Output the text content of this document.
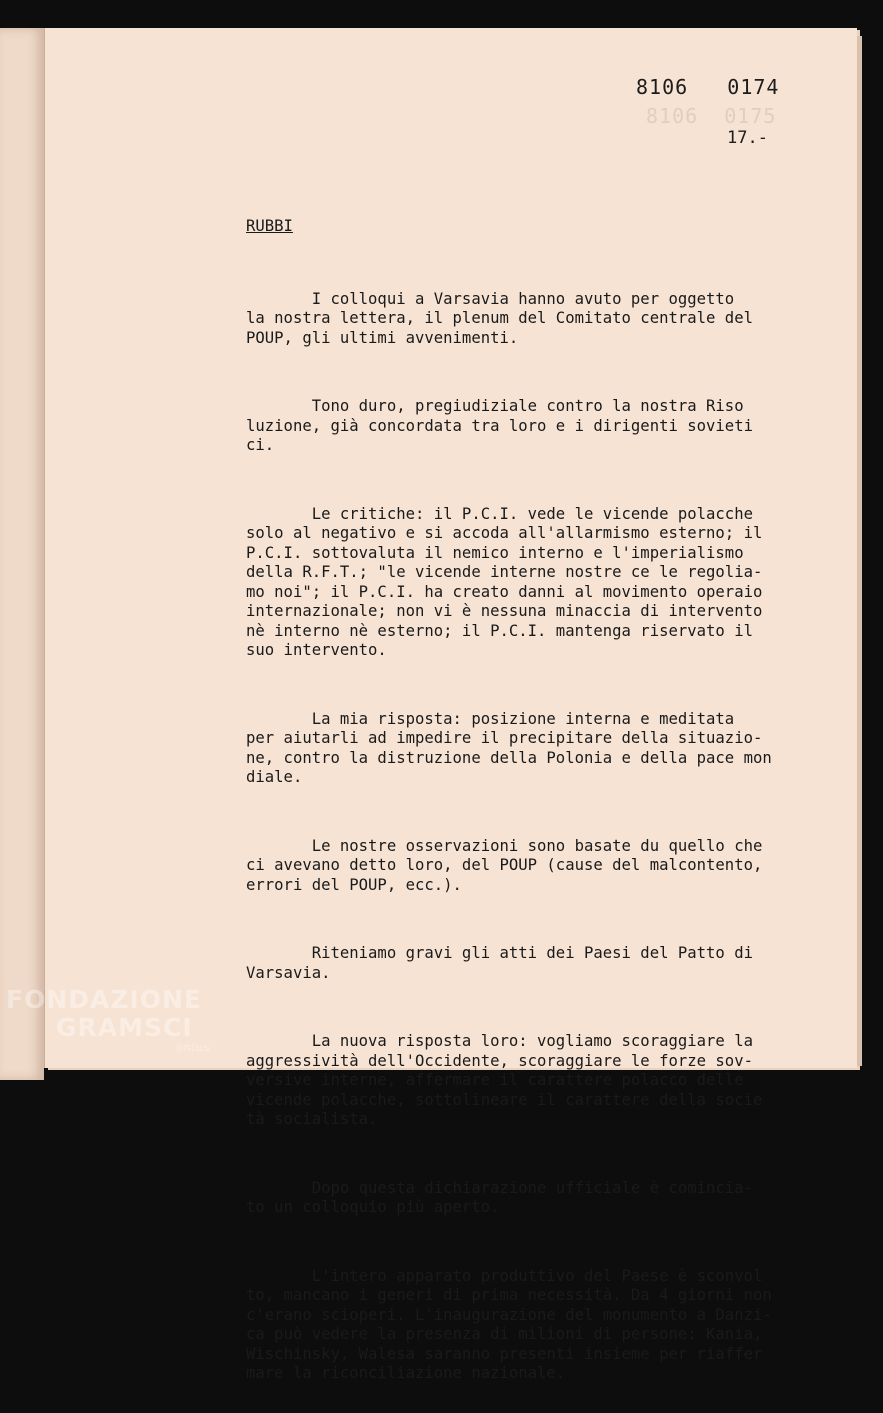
8106  0175
8106   0174
17.-

RUBBI

I colloqui a Varsavia hanno avuto per oggetto
la nostra lettera, il plenum del Comitato centrale del
POUP, gli ultimi avvenimenti.

Tono duro, pregiudiziale contro la nostra Riso
luzione, già concordata tra loro e i dirigenti sovieti
ci.

Le critiche: il P.C.I. vede le vicende polacche
solo al negativo e si accoda all'allarmismo esterno; il
P.C.I. sottovaluta il nemico interno e l'imperialismo
della R.F.T.; "le vicende interne nostre ce le regolia-
mo noi"; il P.C.I. ha creato danni al movimento operaio
internazionale; non vi è nessuna minaccia di intervento
nè interno nè esterno; il P.C.I. mantenga riservato il
suo intervento.

La mia risposta: posizione interna e meditata
per aiutarli ad impedire il precipitare della situazio-
ne, contro la distruzione della Polonia e della pace mon
diale.

Le nostre osservazioni sono basate du quello che
ci avevano detto loro, del POUP (cause del malcontento,
errori del POUP, ecc.).

Riteniamo gravi gli atti dei Paesi del Patto di
Varsavia.

La nuova risposta loro: vogliamo scoraggiare la
aggressività dell'Occidente, scoraggiare le forze sov-
versive interne, affermare il carattere polacco delle
vicende polacche, sottolineare il carattere della socie
tà socialista.

Dopo questa dichiarazione ufficiale è comincia-
to un colloquio più aperto.

L'intero apparato produttivo del Paese è sconvol
to, mancano i generi di prima necessità. Da 4 giorni non
c'erano scioperi. L'inaugurazione del monumento a Danzi-
ca può vedere la presenza di milioni di persone: Kania,
Wischinsky, Walesa saranno presenti insieme per riaffer
mare la riconciliazione nazionale.

FONDAZIONE
GRAMSCI
onlus
